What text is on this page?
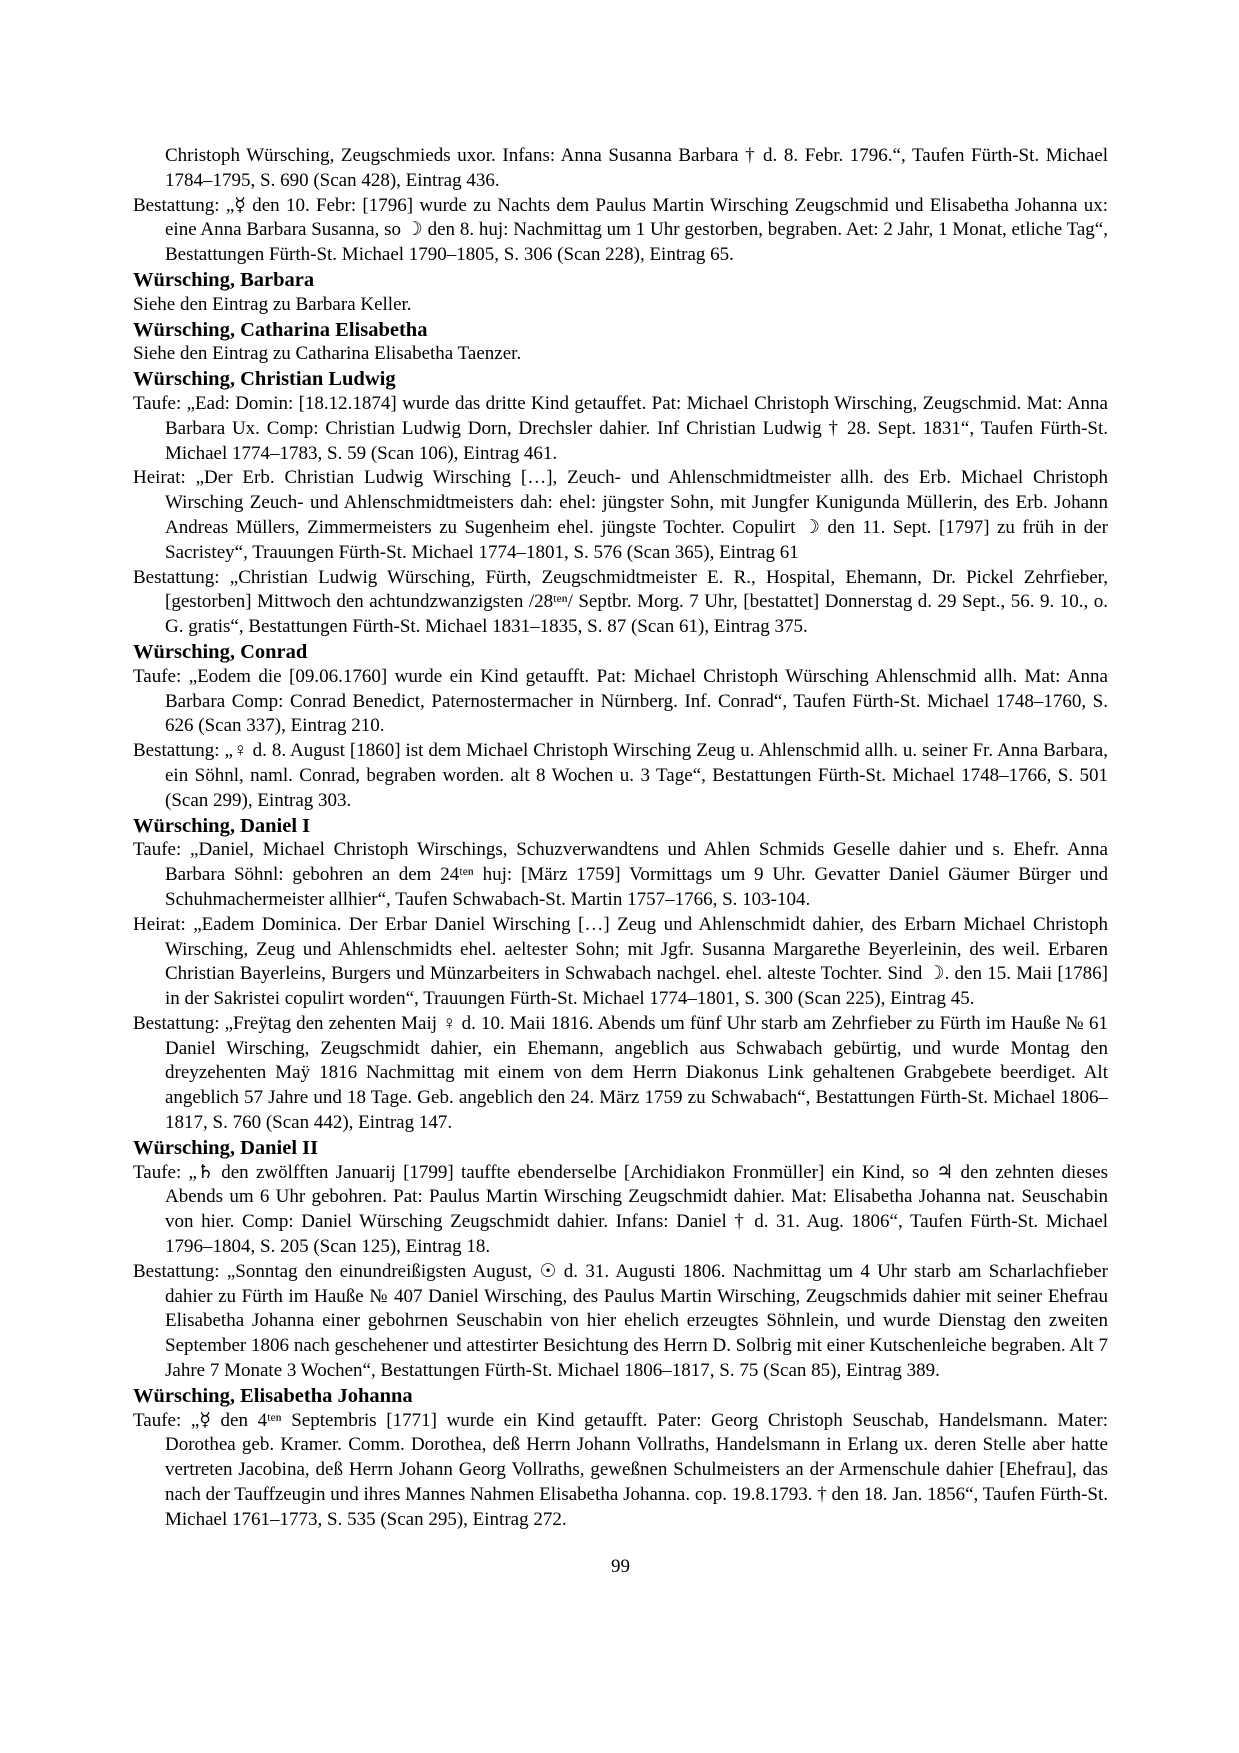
Christoph Würsching, Zeugschmieds uxor. Infans: Anna Susanna Barbara † d. 8. Febr. 1796.“, Taufen Fürth-St. Michael 1784–1795, S. 690 (Scan 428), Eintrag 436.

Bestattung: „☿ den 10. Febr: [1796] wurde zu Nachts dem Paulus Martin Wirsching Zeugschmid und Elisabetha Johanna ux: eine Anna Barbara Susanna, so ☽ den 8. huj: Nachmittag um 1 Uhr gestorben, begraben. Aet: 2 Jahr, 1 Monat, etliche Tag“, Bestattungen Fürth-St. Michael 1790–1805, S. 306 (Scan 228), Eintrag 65.

Würsching, Barbara

Siehe den Eintrag zu Barbara Keller.

Würsching, Catharina Elisabetha

Siehe den Eintrag zu Catharina Elisabetha Taenzer.

Würsching, Christian Ludwig

Taufe: „Ead: Domin: [18.12.1874] wurde das dritte Kind getauffet. Pat: Michael Christoph Wirsching, Zeugschmid. Mat: Anna Barbara Ux. Comp: Christian Ludwig Dorn, Drechsler dahier. Inf Christian Ludwig † 28. Sept. 1831“, Taufen Fürth-St. Michael 1774–1783, S. 59 (Scan 106), Eintrag 461.

Heirat: „Der Erb. Christian Ludwig Wirsching […], Zeuch- und Ahlenschmidtmeister allh. des Erb. Michael Christoph Wirsching Zeuch- und Ahlenschmidtmeisters dah: ehel: jüngster Sohn, mit Jungfer Kunigunda Müllerin, des Erb. Johann Andreas Müllers, Zimmermeisters zu Sugenheim ehel. jüngste Tochter. Copulirt ☽ den 11. Sept. [1797] zu früh in der Sacristey“, Trauungen Fürth-St. Michael 1774–1801, S. 576 (Scan 365), Eintrag 61

Bestattung: „Christian Ludwig Würsching, Fürth, Zeugschmidtmeister E. R., Hospital, Ehemann, Dr. Pickel Zehrfieber, [gestorben] Mittwoch den achtundzwanzigsten /28ᵗᵉⁿ/ Septbr. Morg. 7 Uhr, [bestattet] Donnerstag d. 29 Sept., 56. 9. 10., o. G. gratis“, Bestattungen Fürth-St. Michael 1831–1835, S. 87 (Scan 61), Eintrag 375.

Würsching, Conrad

Taufe: „Eodem die [09.06.1760] wurde ein Kind getaufft. Pat: Michael Christoph Würsching Ahlenschmid allh. Mat: Anna Barbara Comp: Conrad Benedict, Paternostermacher in Nürnberg. Inf. Conrad“, Taufen Fürth-St. Michael 1748–1760, S. 626 (Scan 337), Eintrag 210.

Bestattung: „♀ d. 8. August [1860] ist dem Michael Christoph Wirsching Zeug u. Ahlenschmid allh. u. seiner Fr. Anna Barbara, ein Söhnl, naml. Conrad, begraben worden. alt 8 Wochen u. 3 Tage“, Bestattungen Fürth-St. Michael 1748–1766, S. 501 (Scan 299), Eintrag 303.

Würsching, Daniel I

Taufe: „Daniel, Michael Christoph Wirschings, Schuzverwandtens und Ahlen Schmids Geselle dahier und s. Ehefr. Anna Barbara Söhnl: gebohren an dem 24ᵗᵉⁿ huj: [März 1759] Vormittags um 9 Uhr. Gevatter Daniel Gäumer Bürger und Schuhmachermeister allhier“, Taufen Schwabach-St. Martin 1757–1766, S. 103-104.

Heirat: „Eadem Dominica. Der Erbar Daniel Wirsching […] Zeug und Ahlenschmidt dahier, des Erbarn Michael Christoph Wirsching, Zeug und Ahlenschmidts ehel. aeltester Sohn; mit Jgfr. Susanna Margarethe Beyerleinin, des weil. Erbaren Christian Bayerleins, Burgers und Münzarbeiters in Schwabach nachgel. ehel. alteste Tochter. Sind ☽. den 15. Maii [1786] in der Sakristei copulirt worden“, Trauungen Fürth-St. Michael 1774–1801, S. 300 (Scan 225), Eintrag 45.

Bestattung: „Freÿtag den zehenten Maij ♀ d. 10. Maii 1816. Abends um fünf Uhr starb am Zehrfieber zu Fürth im Hauße № 61 Daniel Wirsching, Zeugschmidt dahier, ein Ehemann, angeblich aus Schwabach gebürtig, und wurde Montag den dreyzehenten Maÿ 1816 Nachmittag mit einem von dem Herrn Diakonus Link gehaltenen Grabgebete beerdiget. Alt angeblich 57 Jahre und 18 Tage. Geb. angeblich den 24. März 1759 zu Schwabach“, Bestattungen Fürth-St. Michael 1806–1817, S. 760 (Scan 442), Eintrag 147.

Würsching, Daniel II

Taufe: „♄ den zwölfften Januarij [1799] tauffte ebenderselbe [Archidiakon Fronmüller] ein Kind, so ♃ den zehnten dieses Abends um 6 Uhr gebohren. Pat: Paulus Martin Wirsching Zeugschmidt dahier. Mat: Elisabetha Johanna nat. Seuschabin von hier. Comp: Daniel Würsching Zeugschmidt dahier. Infans: Daniel † d. 31. Aug. 1806“, Taufen Fürth-St. Michael 1796–1804, S. 205 (Scan 125), Eintrag 18.

Bestattung: „Sonntag den einundreißigsten August, ☉ d. 31. Augusti 1806. Nachmittag um 4 Uhr starb am Scharlachfieber dahier zu Fürth im Hauße № 407 Daniel Wirsching, des Paulus Martin Wirsching, Zeugschmids dahier mit seiner Ehefrau Elisabetha Johanna einer gebohrnen Seuschabin von hier ehelich erzeugtes Söhnlein, und wurde Dienstag den zweiten September 1806 nach geschehener und attestirter Besichtung des Herrn D. Solbrig mit einer Kutschenleiche begraben. Alt 7 Jahre 7 Monate 3 Wochen“, Bestattungen Fürth-St. Michael 1806–1817, S. 75 (Scan 85), Eintrag 389.

Würsching, Elisabetha Johanna

Taufe: „☿ den 4ᵗᵉⁿ Septembris [1771] wurde ein Kind getaufft. Pater: Georg Christoph Seuschab, Handelsmann. Mater: Dorothea geb. Kramer. Comm. Dorothea, deß Herrn Johann Vollraths, Handelsmann in Erlang ux. deren Stelle aber hatte vertreten Jacobina, deß Herrn Johann Georg Vollraths, geweßnen Schulmeisters an der Armenschule dahier [Ehefrau], das nach der Tauffzeugin und ihres Mannes Nahmen Elisabetha Johanna. cop. 19.8.1793. † den 18. Jan. 1856“, Taufen Fürth-St. Michael 1761–1773, S. 535 (Scan 295), Eintrag 272.

99
